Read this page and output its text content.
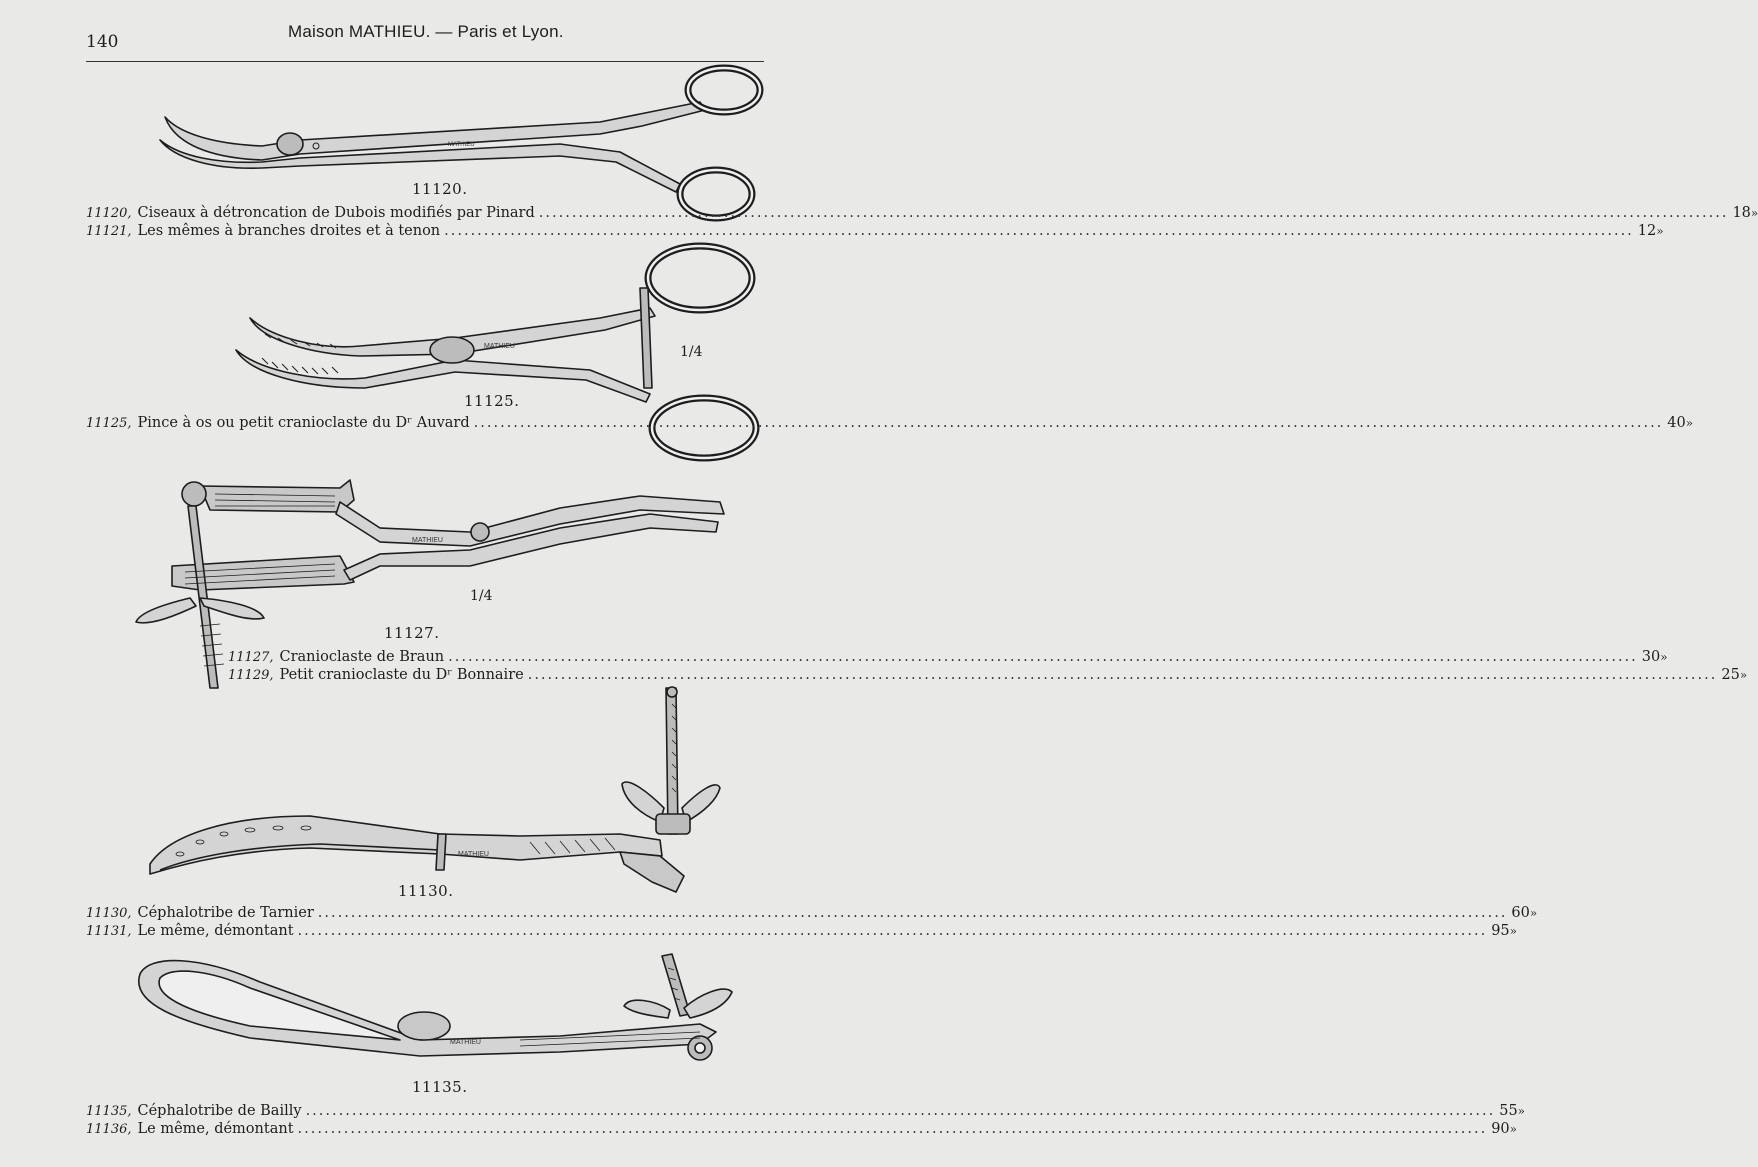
140
Maison MATHIEU. — Paris et Lyon.
MATHIEU
11120.
11120, Ciseaux à détroncation de Dubois modifiés par Pinard .................................................................................................................................................................................... 18 »
11121, Les mêmes à branches droites et à tenon .................................................................................................................................................................................... 12 »
MATHIEU	1/4
11125.
11125, Pince à os ou petit cranioclaste du Dʳ Auvard .................................................................................................................................................................................... 40 »
MATHIEU
1/4
11127.
11127, Cranioclaste de Braun .................................................................................................................................................................................... 30 »
11129, Petit cranioclaste du Dʳ Bonnaire .................................................................................................................................................................................... 25 »
MATHIEU
11130.
11130, Céphalotribe de Tarnier .................................................................................................................................................................................... 60 »
11131, Le même, démontant .................................................................................................................................................................................... 95 »
MATHIEU
11135.
11135, Céphalotribe de Bailly .................................................................................................................................................................................... 55 »
11136, Le même, démontant .................................................................................................................................................................................... 90 »
